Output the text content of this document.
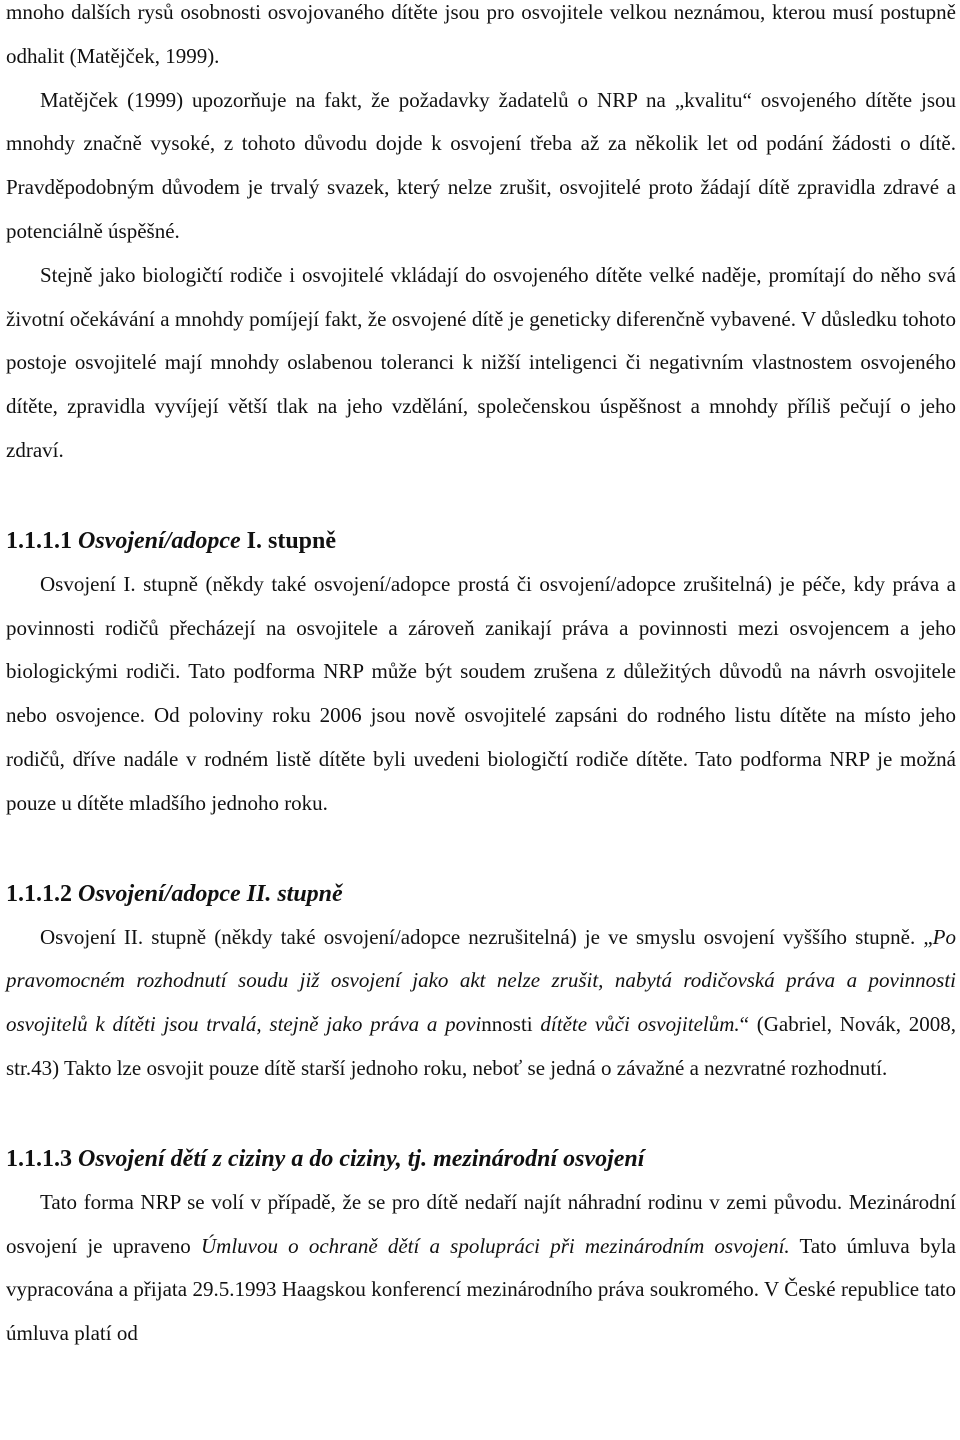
mnoho dalších rysů osobnosti osvojovaného dítěte jsou pro osvojitele velkou neznámou, kterou musí postupně odhalit (Matějček, 1999).

Matějček (1999) upozorňuje na fakt, že požadavky žadatelů o NRP na „kvalitu“ osvojeného dítěte jsou mnohdy značně vysoké, z tohoto důvodu dojde k osvojení třeba až za několik let od podání žádosti o dítě. Pravděpodobným důvodem je trvalý svazek, který nelze zrušit, osvojitelé proto žádají dítě zpravidla zdravé a potenciálně úspěšné.

Stejně jako biologičtí rodiče i osvojitelé vkládají do osvojeného dítěte velké naděje, promítají do něho svá životní očekávání a mnohdy pomíjejí fakt, že osvojené dítě je geneticky diferenčně vybavené. V důsledku tohoto postoje osvojitelé mají mnohdy oslabenou toleranci k nižší inteligenci či negativním vlastnostem osvojeného dítěte, zpravidla vyvíjejí větší tlak na jeho vzdělání, společenskou úspěšnost a mnohdy příliš pečují o jeho zdraví.

1.1.1.1 Osvojení/adopce I. stupně

Osvojení I. stupně (někdy také osvojení/adopce prostá či osvojení/adopce zrušitelná) je péče, kdy práva a povinnosti rodičů přecházejí na osvojitele a zároveň zanikají práva a povinnosti mezi osvojencem a jeho biologickými rodiči. Tato podforma NRP může být soudem zrušena z důležitých důvodů na návrh osvojitele nebo osvojence. Od poloviny roku 2006 jsou nově osvojitelé zapsáni do rodného listu dítěte na místo jeho rodičů, dříve nadále v rodném listě dítěte byli uvedeni biologičtí rodiče dítěte. Tato podforma NRP je možná pouze u dítěte mladšího jednoho roku.

1.1.1.2 Osvojení/adopce II. stupně

Osvojení II. stupně (někdy také osvojení/adopce nezrušitelná) je ve smyslu osvojení vyššího stupně. „Po pravomocném rozhodnutí soudu již osvojení jako akt nelze zrušit, nabytá rodičovská práva a povinnosti osvojitelů k dítěti jsou trvalá, stejně jako práva a povinnosti dítěte vůči osvojitelům.“ (Gabriel, Novák, 2008, str.43) Takto lze osvojit pouze dítě starší jednoho roku, neboť se jedná o závažné a nezvratné rozhodnutí.

1.1.1.3 Osvojení dětí z ciziny a do ciziny, tj. mezinárodní osvojení

Tato forma NRP se volí v případě, že se pro dítě nedaří najít náhradní rodinu v zemi původu. Mezinárodní osvojení je upraveno Úmluvou o ochraně dětí a spolupráci při mezinárodním osvojení. Tato úmluva byla vypracována a přijata 29.5.1993 Haagskou konferencí mezinárodního práva soukromého. V České republice tato úmluva platí od
